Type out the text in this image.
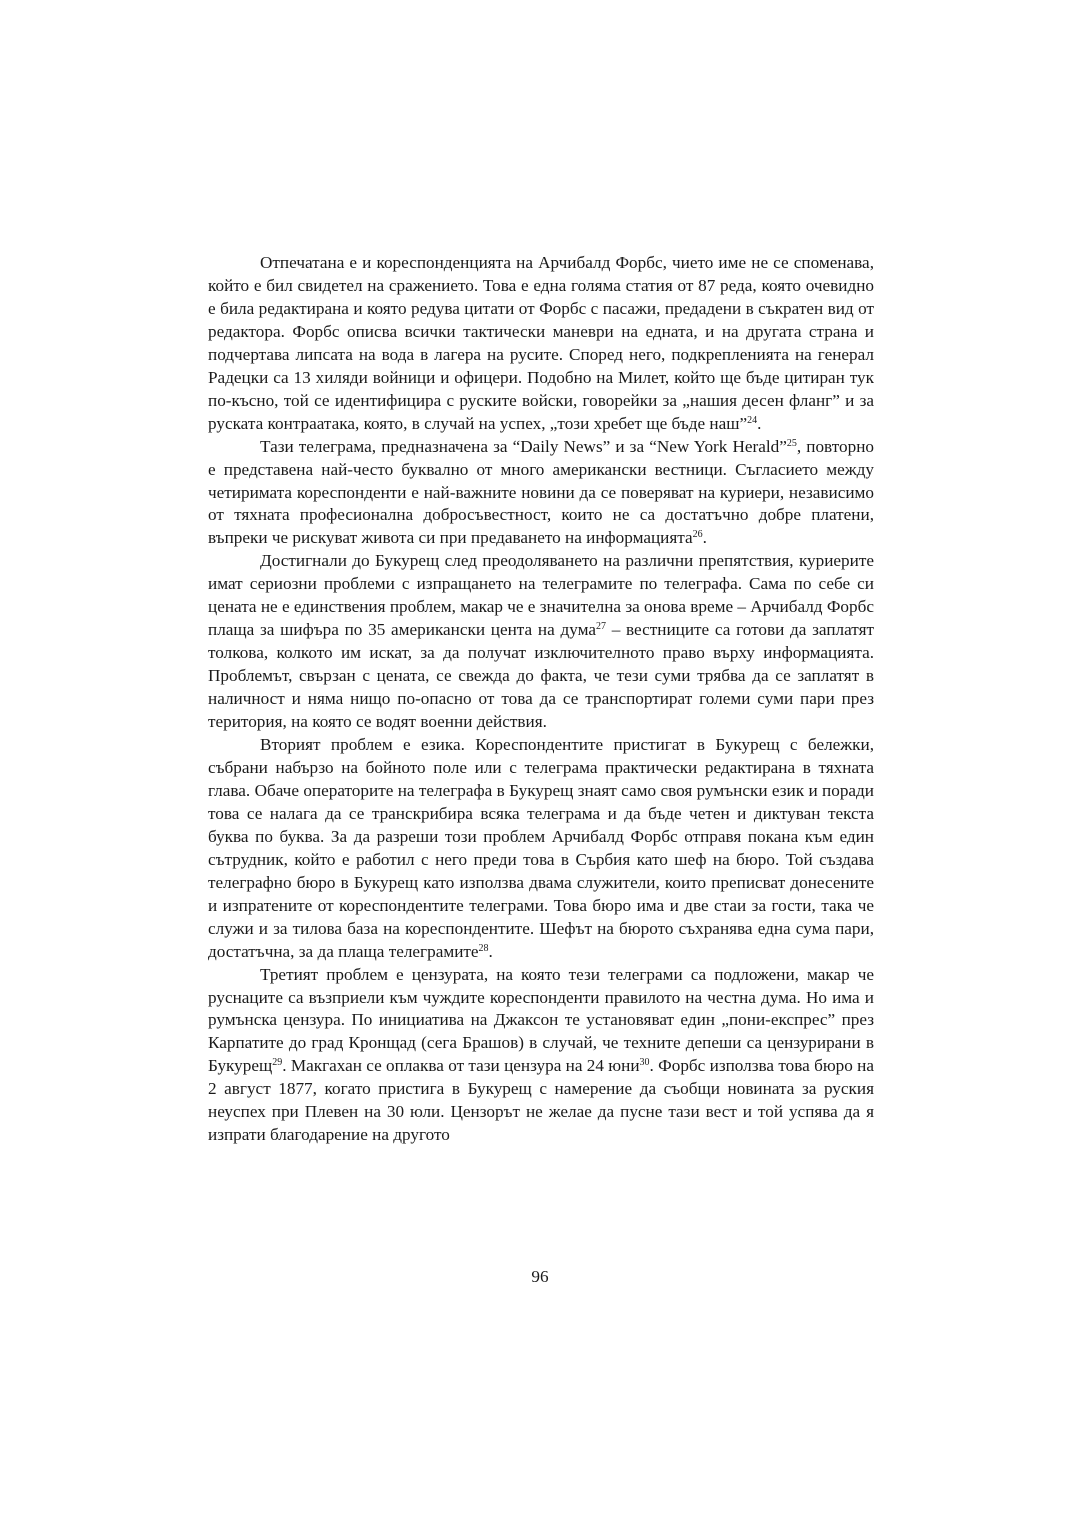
Отпечатана е и кореспонденцията на Арчибалд Форбс, чието име не се споменава, който е бил свидетел на сражението. Това е една голяма статия от 87 реда, която очевидно е била редактирана и която редува цитати от Форбс с пасажи, предадени в съкратен вид от редактора. Форбс описва всички тактически маневри на едната, и на другата страна и подчертава липсата на вода в лагера на русите. Според него, подкрепленията на генерал Радецки са 13 хиляди войници и офицери. Подобно на Милет, който ще бъде цитиран тук по-късно, той се идентифицира с руските войски, говорейки за „нашия десен фланг” и за руската контраатака, която, в случай на успех, „този хребет ще бъде наш”$^{24}$.

Тази телеграма, предназначена за “Daily News” и за “New York Herald”$^{25}$, повторно е представена най-често буквално от много американски вестници. Съгласието между четиримата кореспонденти е най-важните новини да се поверяват на куриери, независимо от тяхната професионална добросъвестност, които не са достатъчно добре платени, въпреки че рискуват живота си при предаването на информацията$^{26}$.

Достигнали до Букурещ след преодоляването на различни препятствия, куриерите имат сериозни проблеми с изпращането на телеграмите по телеграфа. Сама по себе си цената не е единствения проблем, макар че е значителна за онова време – Арчибалд Форбс плаща за шифъра по 35 американски цента на дума$^{27}$ – вестниците са готови да заплатят толкова, колкото им искат, за да получат изключителното право върху информацията. Проблемът, свързан с цената, се свежда до факта, че тези суми трябва да се заплатят в наличност и няма нищо по-опасно от това да се транспортират големи суми пари през територия, на която се водят военни действия.

Вторият проблем е езика. Кореспондентите пристигат в Букурещ с бележки, събрани набързо на бойното поле или с телеграма практически редактирана в тяхната глава. Обаче операторите на телеграфа в Букурещ знаят само своя румънски език и поради това се налага да се транскрибира всяка телеграма и да бъде четен и диктуван текста буква по буква. За да разреши този проблем Арчибалд Форбс отправя покана към един сътрудник, който е работил с него преди това в Сърбия като шеф на бюро. Той създава телеграфно бюро в Букурещ като използва двама служители, които преписват донесените и изпратените от кореспондентите телеграми. Това бюро има и две стаи за гости, така че служи и за тилова база на кореспондентите. Шефът на бюрото съхранява една сума пари, достатъчна, за да плаща телеграмите$^{28}$.

Третият проблем е цензурата, на която тези телеграми са подложени, макар че руснаците са възприели към чуждите кореспонденти правилото на честна дума. Но има и румънска цензура. По инициатива на Джаксон те установяват един „пони-експрес” през Карпатите до град Кронщад (сега Брашов) в случай, че техните депеши са цензурирани в Букурещ$^{29}$. Макгахан се оплаква от тази цензура на 24 юни$^{30}$. Форбс използва това бюро на 2 август 1877, когато пристига в Букурещ с намерение да съобщи новината за руския неуспех при Плевен на 30 юли. Цензорът не желае да пусне тази вест и той успява да я изпрати благодарение на другото

96
